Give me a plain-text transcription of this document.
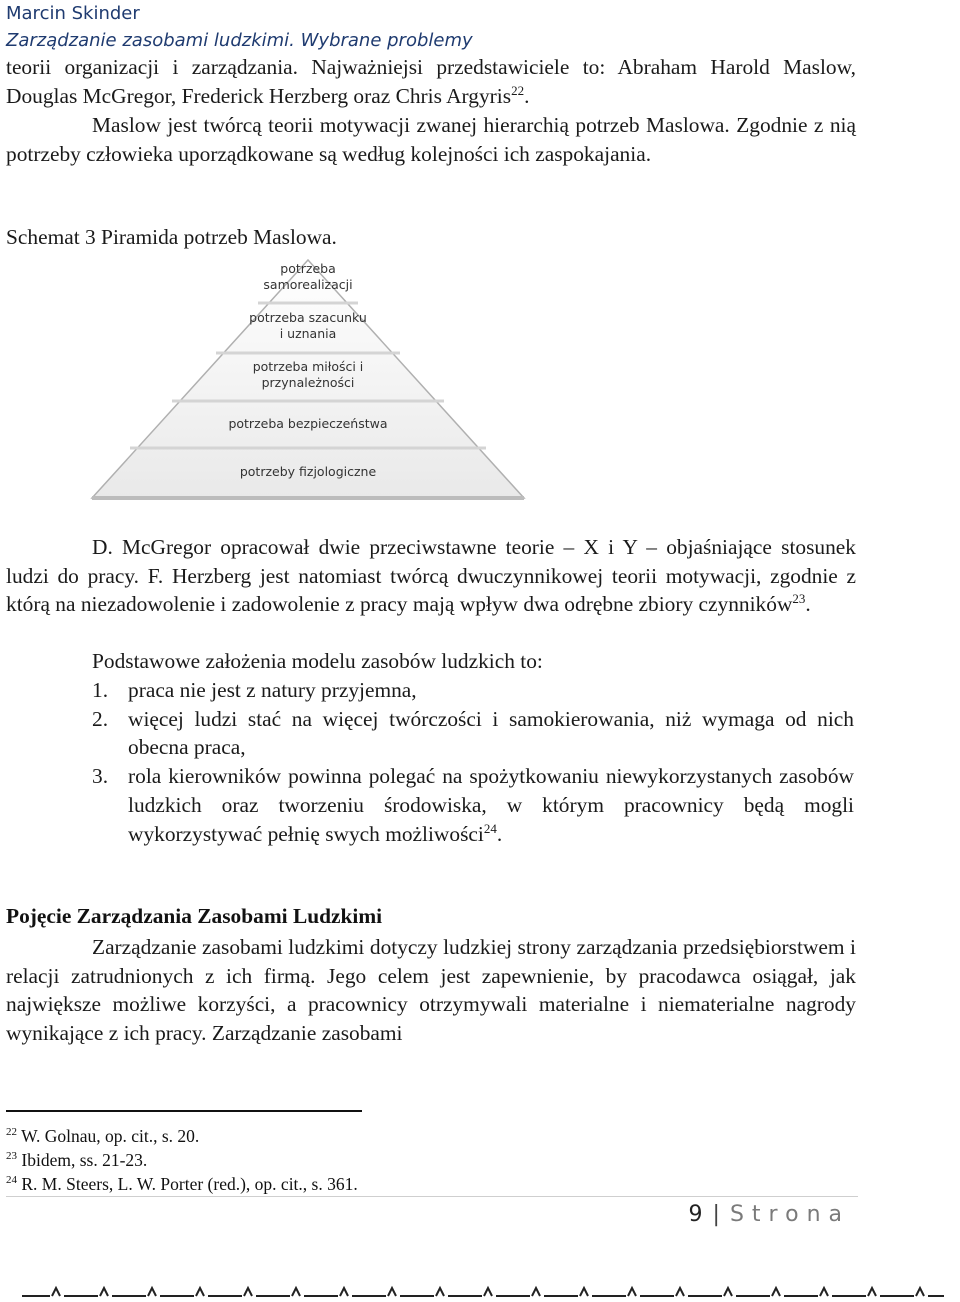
Marcin Skinder
Zarządzanie zasobami ludzkimi. Wybrane problemy
teorii organizacji i zarządzania. Najważniejsi przedstawiciele to: Abraham Harold Maslow, Douglas McGregor, Frederick Herzberg oraz Chris Argyris$^{22}$.
Maslow jest twórcą teorii motywacji zwanej hierarchią potrzeb Maslowa. Zgodnie z nią potrzeby człowieka uporządkowane są według kolejności ich zaspokajania.
Schemat 3 Piramida potrzeb Maslowa.
potrzeba
samorealizacji
potrzeba szacunku
i uznania
potrzeba miłości i
przynależności
potrzeba bezpieczeństwa
potrzeby fizjologiczne
D. McGregor opracował dwie przeciwstawne teorie – X i Y – objaśniające stosunek ludzi do pracy. F. Herzberg jest natomiast twórcą dwuczynnikowej teorii motywacji, zgodnie z którą na niezadowolenie i zadowolenie z pracy mają wpływ dwa odrębne zbiory czynników$^{23}$.
Podstawowe założenia modelu zasobów ludzkich to:
1. praca nie jest z natury przyjemna,
2. więcej ludzi stać na więcej twórczości i samokierowania, niż wymaga od nich obecna praca,
3. rola kierowników powinna polegać na spożytkowaniu niewykorzystanych zasobów ludzkich oraz tworzeniu środowiska, w którym pracownicy będą mogli wykorzystywać pełnię swych możliwości$^{24}$.
Pojęcie Zarządzania Zasobami Ludzkimi
Zarządzanie zasobami ludzkimi dotyczy ludzkiej strony zarządzania przedsiębiorstwem i relacji zatrudnionych z ich firmą. Jego celem jest zapewnienie, by pracodawca osiągał, jak największe możliwe korzyści, a pracownicy otrzymywali materialne i niematerialne nagrody wynikające z ich pracy. Zarządzanie zasobami
$^{22}$ W. Golnau, op. cit., s. 20.
$^{23}$ Ibidem, ss. 21-23.
$^{24}$ R. M. Steers, L. W. Porter (red.), op. cit., s. 361.
9 | Strona
